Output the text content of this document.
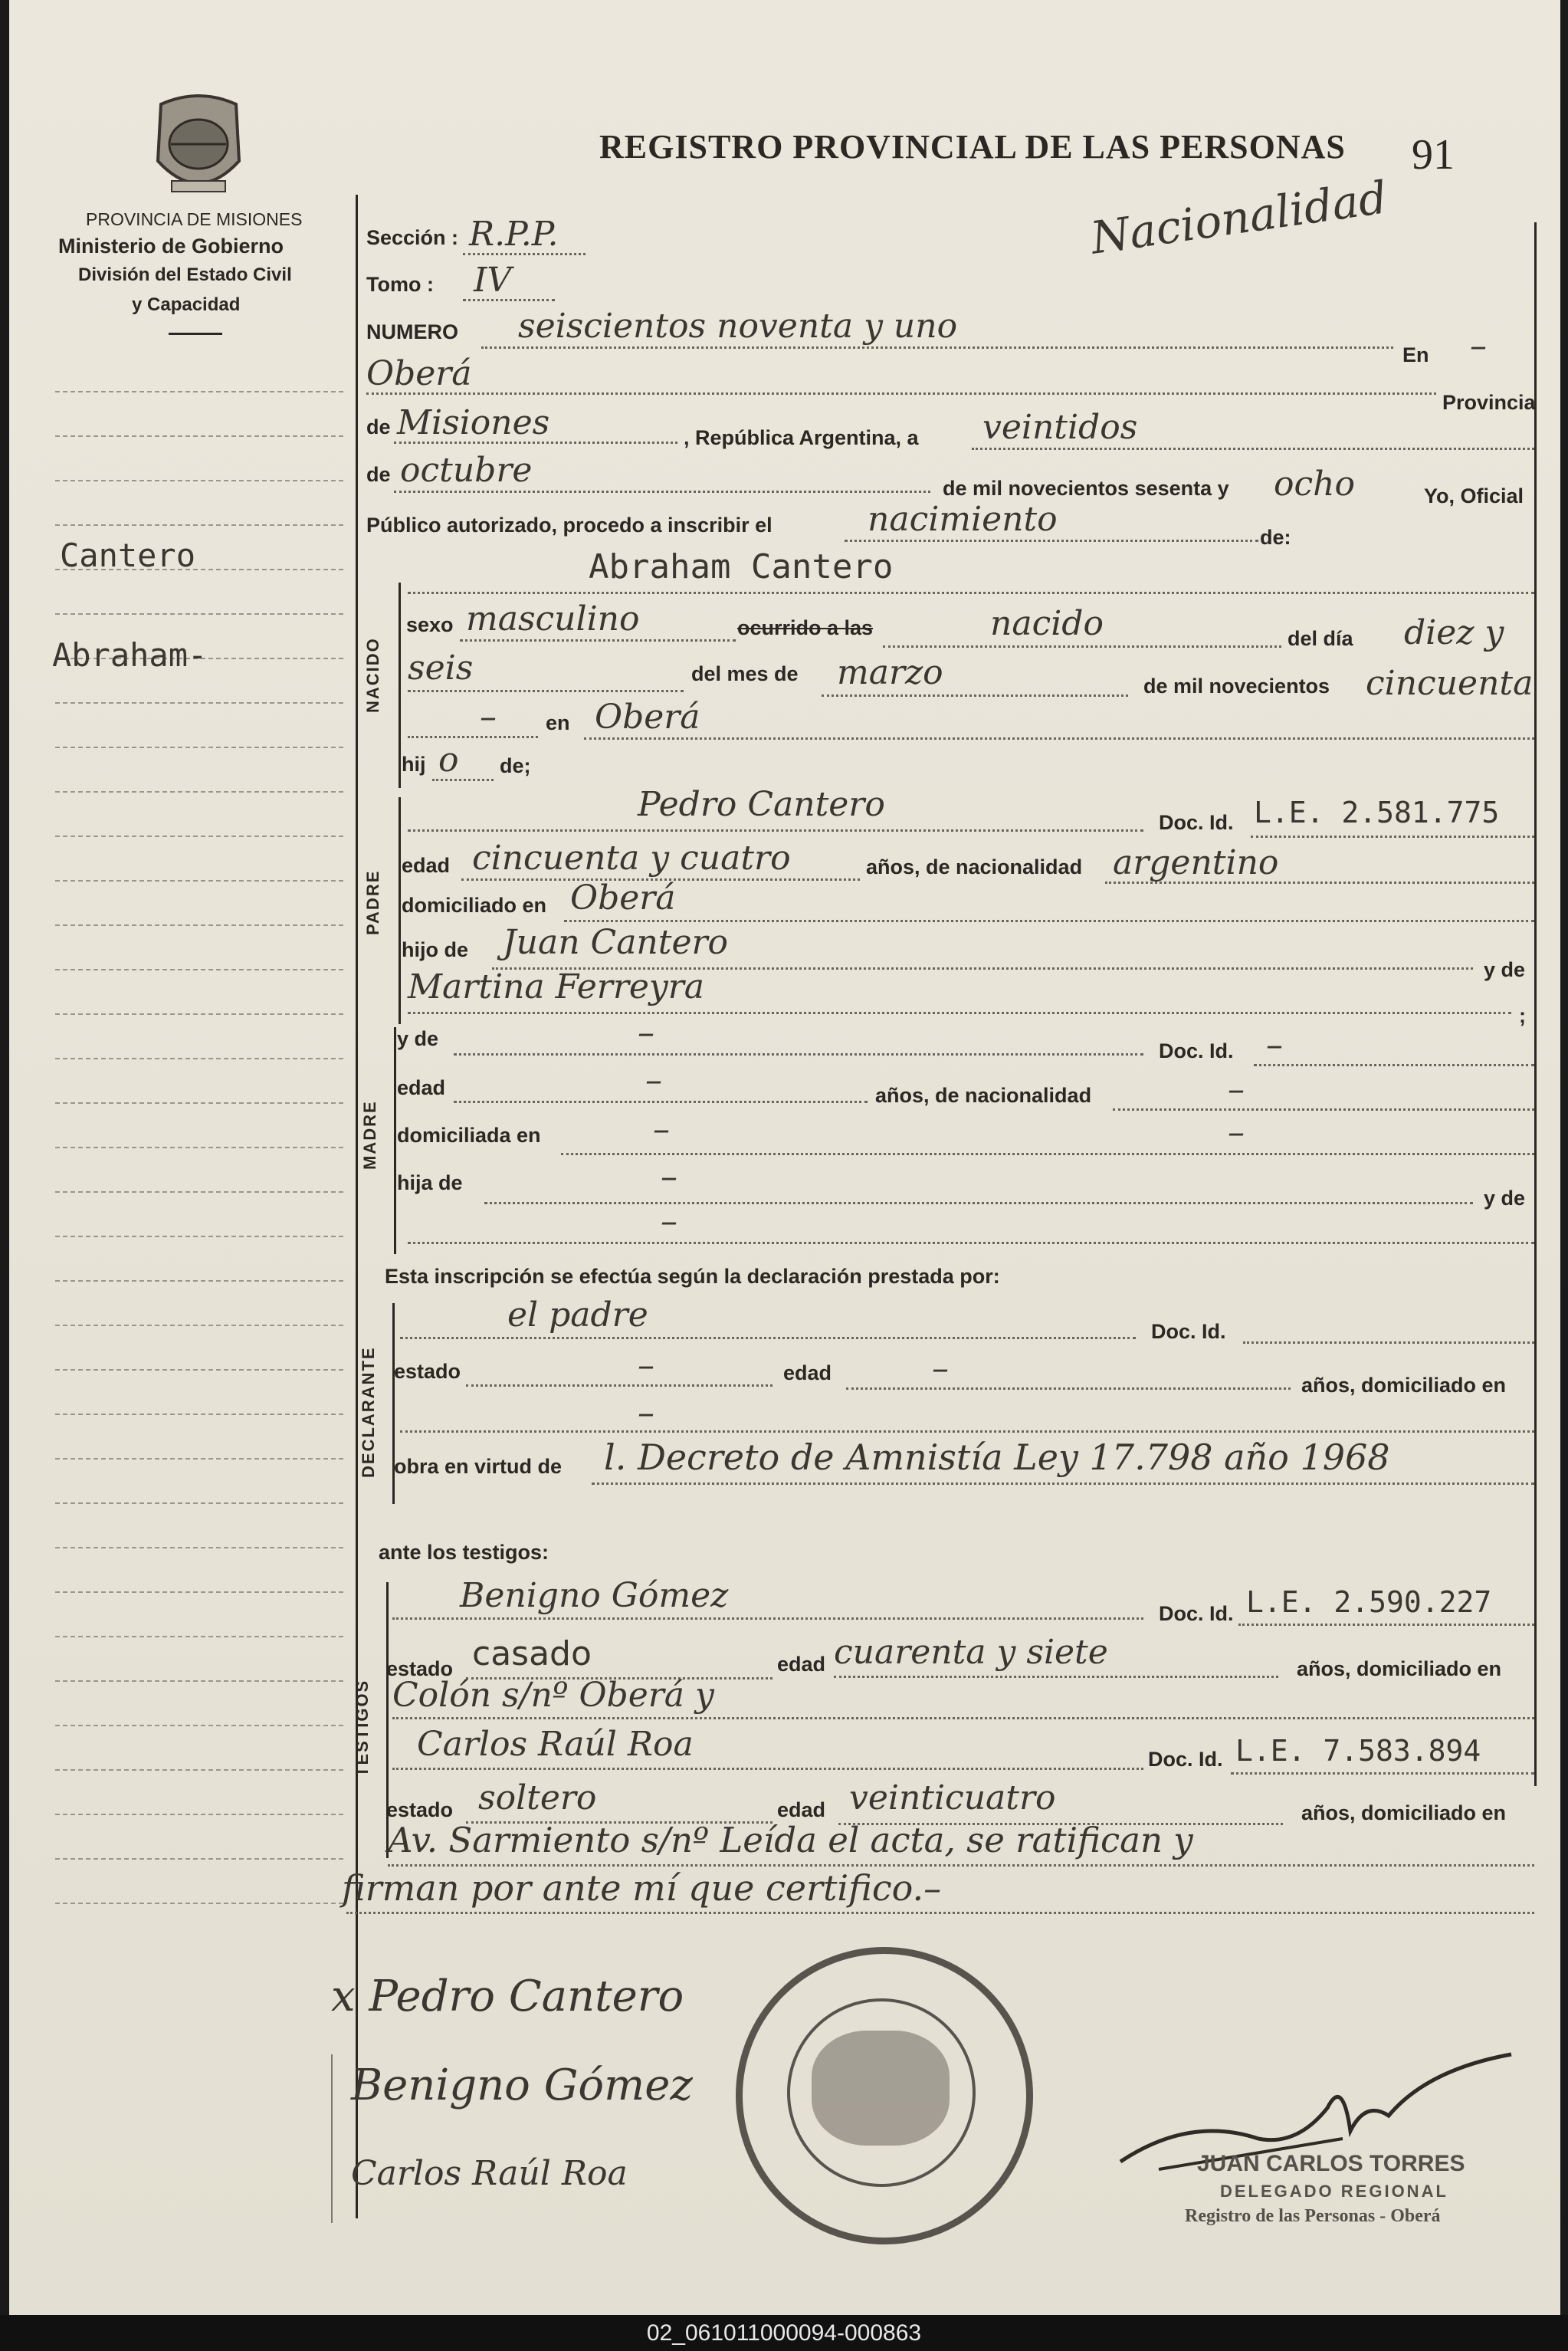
PROVINCIA DE MISIONES
Ministerio de Gobierno
División del Estado Civil
y Capacidad
REGISTRO PROVINCIAL DE LAS PERSONAS 91
Nacionalidad
Cantero
Abraham-
Sección : R.P.P.
Tomo : IV
NUMERO seiscientos noventa y uno
En –
Oberá
Provincia
de Misiones	, República Argentina, a veintidos
de octubre	de mil novecientos sesenta y ocho	Yo, Oficial
Público autorizado, procedo a inscribir el	nacimiento	de:
Abraham Cantero
NACIDO
sexo masculino	ocurrido a las	nacido	del día diez y
seis	del mes de marzo	de mil novecientos cincuenta
– en Oberá
hij o de;
PADRE
Pedro Cantero	Doc. Id. L.E. 2.581.775
edad cincuenta y cuatro	años, de nacionalidad argentino
domiciliado en Oberá
hijo de Juan Cantero
y de
Martina Ferreyra
;
MADRE
y de	–	Doc. Id. –
edad	–	años, de nacionalidad	–
domiciliada en	–	–
hija de	–
–
y de
Esta inscripción se efectúa según la declaración prestada por:
DECLARANTE
el padre	Doc. Id.
estado	–	edad	–	años, domiciliado en
–
obra en virtud de l. Decreto de Amnistía Ley 17.798 año 1968
ante los testigos:
TESTIGOS
Benigno Gómez	Doc. Id. L.E. 2.590.227
estado casado	edad cuarenta y siete	años, domiciliado en
Colón s/nº Oberá y
Carlos Raúl Roa	Doc. Id. L.E. 7.583.894
estado soltero	edad veinticuatro	años, domiciliado en
Av. Sarmiento s/nº Leída el acta, se ratifican y
firman por ante mí que certifico.–
x Pedro Cantero
Benigno Gómez
Carlos Raúl Roa	JUAN CARLOS TORRES
DELEGADO REGIONAL
Registro de las Personas - Oberá
02_061011000094-000863
